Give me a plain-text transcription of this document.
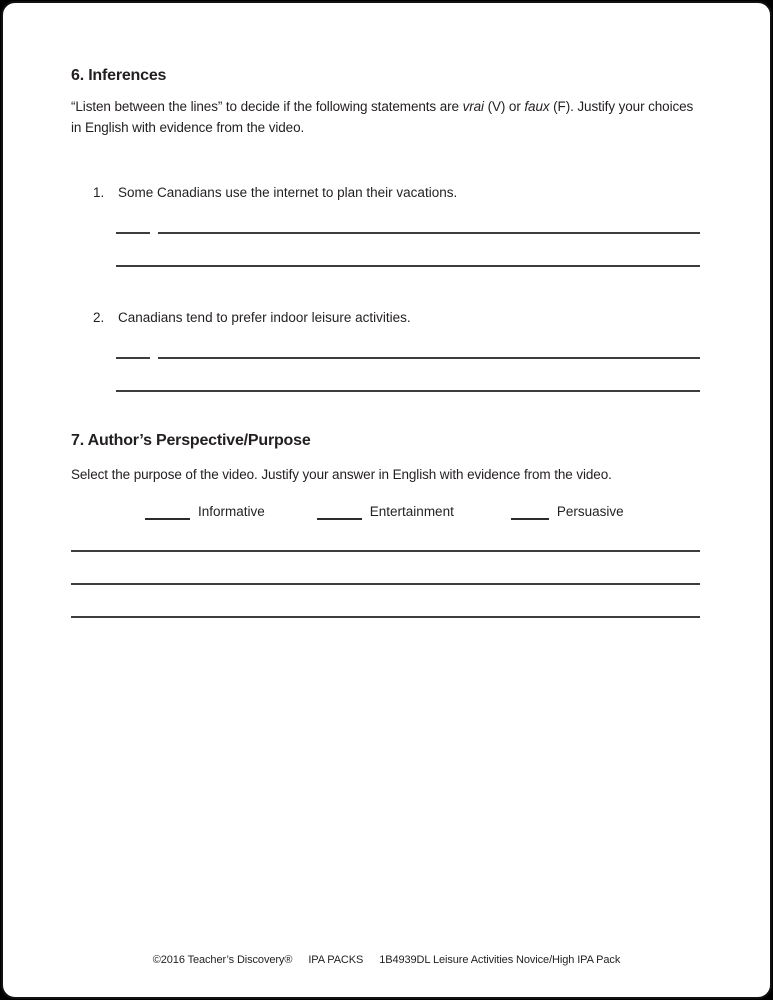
6. Inferences
“Listen between the lines” to decide if the following statements are vrai (V) or faux (F). Justify your choices in English with evidence from the video.
1.	Some Canadians use the internet to plan their vacations.
2.	Canadians tend to prefer indoor leisure activities.
7. Author’s Perspective/Purpose
Select the purpose of the video. Justify your answer in English with evidence from the video.
Informative	Entertainment	Persuasive
©2016 Teacher’s Discovery® IPA PACKS 1B4939DL Leisure Activities Novice/High IPA Pack
